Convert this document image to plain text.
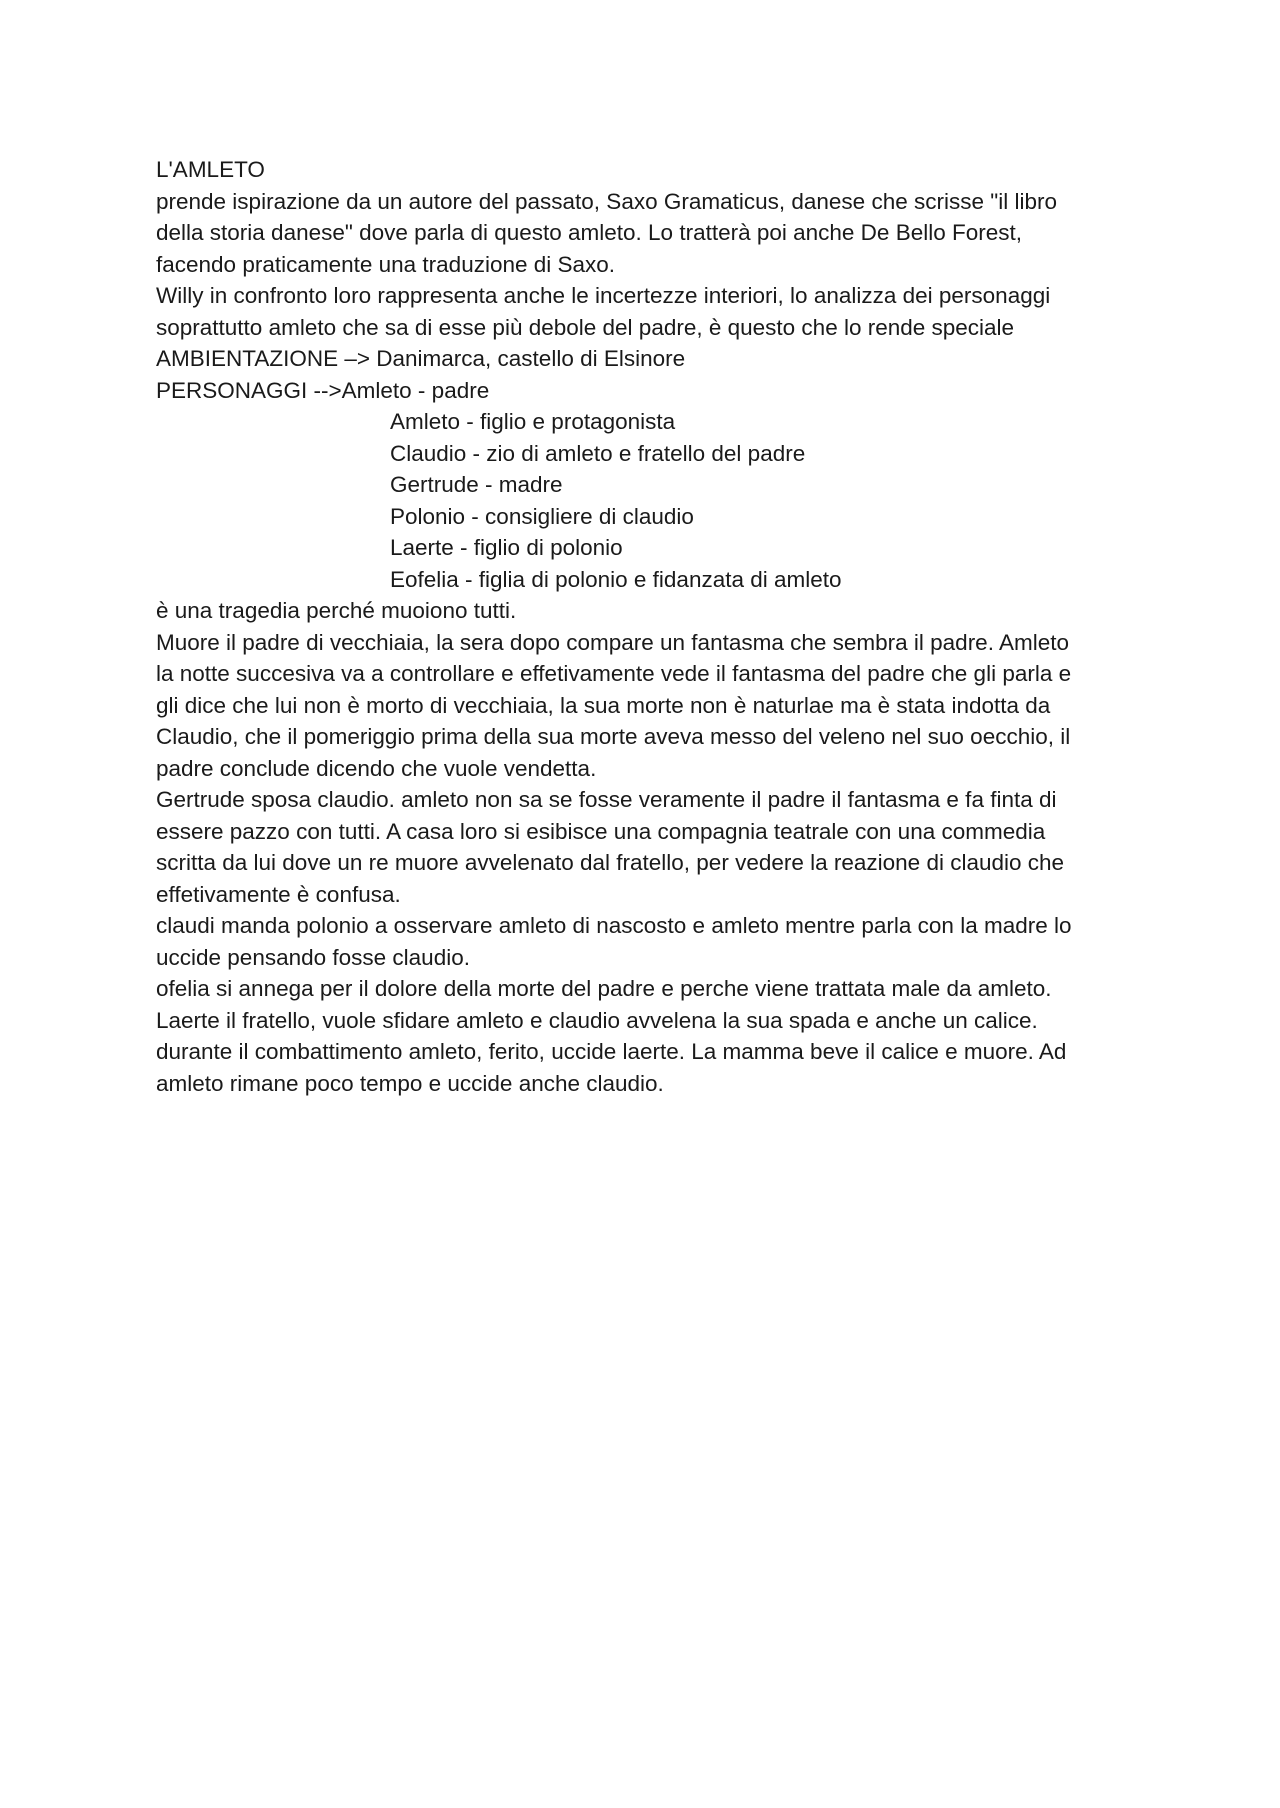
L'AMLETO
prende ispirazione da un autore del passato, Saxo Gramaticus, danese che scrisse "il libro
della storia danese" dove parla di questo amleto. Lo tratterà poi anche De Bello Forest,
facendo praticamente una traduzione di Saxo.
Willy in confronto loro rappresenta anche le incertezze interiori, lo analizza dei personaggi
soprattutto amleto che sa di esse più debole del padre, è questo che lo rende speciale
AMBIENTAZIONE –> Danimarca, castello di Elsinore
PERSONAGGI -->Amleto - padre
Amleto - figlio e protagonista
Claudio - zio di amleto e fratello del padre
Gertrude - madre
Polonio - consigliere di claudio
Laerte - figlio di polonio
Eofelia - figlia di polonio e fidanzata di amleto
è una tragedia perché muoiono tutti.
Muore il padre di vecchiaia, la sera dopo compare un fantasma che sembra il padre. Amleto
la notte succesiva va a controllare e effetivamente vede il fantasma del padre che gli parla e
gli dice che lui non è morto di vecchiaia, la sua morte non è naturlae ma è stata indotta da
Claudio, che il pomeriggio prima della sua morte aveva messo del veleno nel suo oecchio, il
padre conclude dicendo che vuole vendetta.
Gertrude sposa claudio. amleto non sa se fosse veramente il padre il fantasma e fa finta di
essere pazzo con tutti. A casa loro si esibisce una compagnia teatrale con una commedia
scritta da lui dove un re muore avvelenato dal fratello, per vedere la reazione di claudio che
effetivamente è confusa.
claudi manda polonio a osservare amleto di nascosto e amleto mentre parla con la madre lo
uccide pensando fosse claudio.
ofelia si annega per il dolore della morte del padre e perche viene trattata male da amleto.
Laerte il fratello, vuole sfidare amleto e claudio avvelena la sua spada e anche un calice.
durante il combattimento amleto, ferito, uccide laerte. La mamma beve il calice e muore. Ad
amleto rimane poco tempo e uccide anche claudio.
